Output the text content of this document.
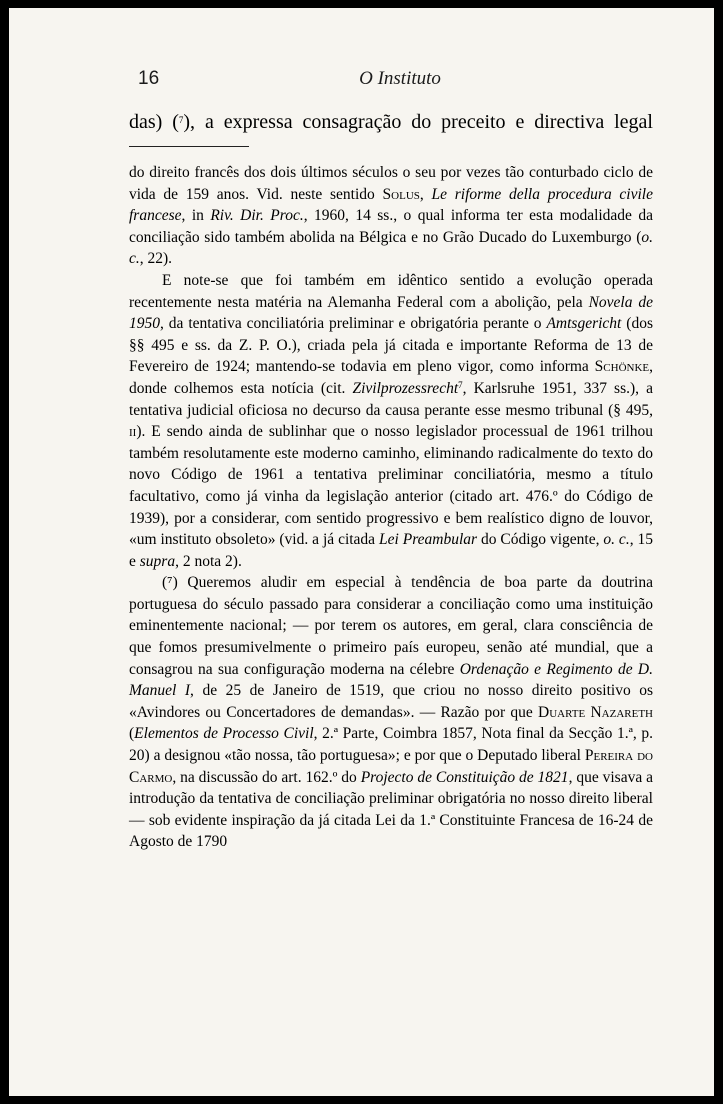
16	O Instituto
das) ($^7$), a expressa consagração do preceito e directiva legal

do direito francês dos dois últimos séculos o seu por vezes tão conturbado ciclo de vida de 159 anos. Vid. neste sentido Solus, Le riforme della procedura civile francese, in Riv. Dir. Proc., 1960, 14 ss., o qual informa ter esta modalidade da conciliação sido também abolida na Bélgica e no Grão Ducado do Luxemburgo (o. c., 22).

E note-se que foi também em idêntico sentido a evolução operada recentemente nesta matéria na Alemanha Federal com a abolição, pela Novela de 1950, da tentativa conciliatória preliminar e obrigatória perante o Amtsgericht (dos §§ 495 e ss. da Z. P. O.), criada pela já citada e importante Reforma de 13 de Fevereiro de 1924; mantendo-se todavia em pleno vigor, como informa Schönke, donde colhemos esta notícia (cit. Zivilprozessrecht$^7$, Karlsruhe 1951, 337 ss.), a tentativa judicial oficiosa no decurso da causa perante esse mesmo tribunal (§ 495, ii). E sendo ainda de sublinhar que o nosso legislador processual de 1961 trilhou também resolutamente este moderno caminho, eliminando radicalmente do texto do novo Código de 1961 a tentativa preliminar conciliatória, mesmo a título facultativo, como já vinha da legislação anterior (citado art. 476.º do Código de 1939), por a considerar, com sentido progressivo e bem realístico digno de louvor, «um instituto obsoleto» (vid. a já citada Lei Preambular do Código vigente, o. c., 15 e supra, 2 nota 2).

(⁷) Queremos aludir em especial à tendência de boa parte da doutrina portuguesa do século passado para considerar a conciliação como uma instituição eminentemente nacional; — por terem os autores, em geral, clara consciência de que fomos presumivelmente o primeiro país europeu, senão até mundial, que a consagrou na sua configuração moderna na célebre Ordenação e Regimento de D. Manuel I, de 25 de Janeiro de 1519, que criou no nosso direito positivo os «Avindores ou Concertadores de demandas». — Razão por que Duarte Nazareth (Elementos de Processo Civil, 2.ª Parte, Coimbra 1857, Nota final da Secção 1.ª, p. 20) a designou «tão nossa, tão portuguesa»; e por que o Deputado liberal Pereira do Carmo, na discussão do art. 162.º do Projecto de Constituição de 1821, que visava a introdução da tentativa de conciliação preliminar obrigatória no nosso direito liberal — sob evidente inspiração da já citada Lei da 1.ª Constituinte Francesa de 16-24 de Agosto de 1790
